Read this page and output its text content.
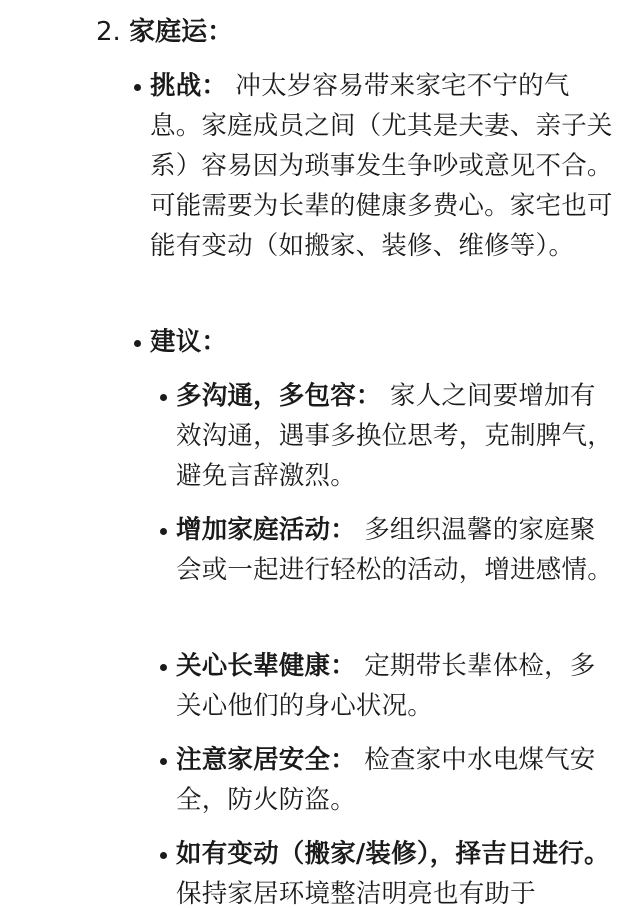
2. 家庭运：
挑战： 冲太岁容易带来家宅不宁的气息。家庭成员之间（尤其是夫妻、亲子关系）容易因为琐事发生争吵或意见不合。可能需要为长辈的健康多费心。家宅也可能有变动（如搬家、装修、维修等）。
建议：
多沟通，多包容： 家人之间要增加有效沟通，遇事多换位思考，克制脾气，避免言辞激烈。
增加家庭活动： 多组织温馨的家庭聚会或一起进行轻松的活动，增进感情。
关心长辈健康： 定期带长辈体检，多关心他们的身心状况。
注意家居安全： 检查家中水电煤气安全，防火防盗。
如有变动（搬家/装修），择吉日进行。 保持家居环境整洁明亮也有助于
